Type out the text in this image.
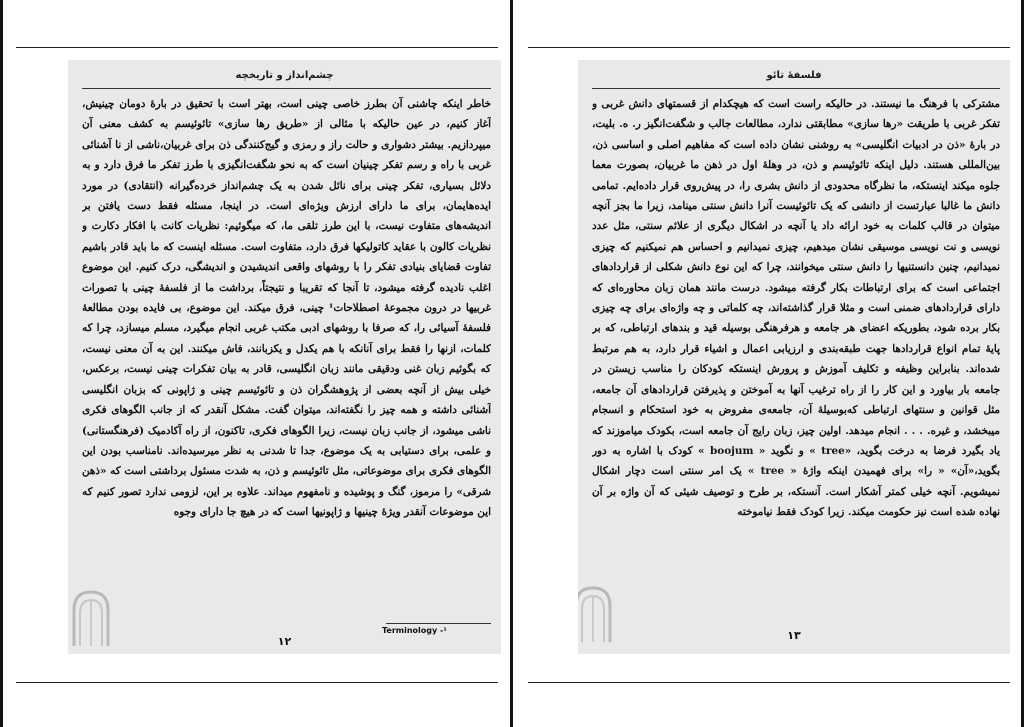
چشم‌انداز و تاریخچه
خاطر اینکه چاشنی آن بطرز خاصی چینی است، بهتر است با تحقیق در بارهٔ دومان چینیش، آغاز کنیم، در عین حالیکه با مثالی از «طریق رها سازی» تائوئیسم به کشف معنی آن میپردازیم. بیشتر دشواری و حالت راز و رمزی و گیج‌کنندگی ذن برای غربیان،ناشی از نا آشنائی غربی با راه و رسم تفکر چینیان است که به نحو شگفت‌انگیزی با طرز تفکر ما فرق دارد و به دلائل بسیاری، تفکر چینی برای نائل شدن به یک چشم‌انداز خرده‌گیرانه (انتقادی) در مورد ایده‌هایمان، برای ما دارای ارزش ویژه‌ای است. در اینجا، مسئله فقط دست یافتن بر اندیشه‌های متفاوت نیست، با این طرز تلقی ما، که میگوئیم: نظریات کانت با افکار دکارت و نظریات کالون با عقاید کاتولیکها فرق دارد، متفاوت است. مسئله اینست که ما باید قادر باشیم تفاوت قضایای بنیادی تفکر را با روشهای واقعی اندیشیدن و اندیشگی، درک کنیم. این موضوع اغلب نادیده گرفته میشود، تا آنجا که تقریبا و نتیجتاً، برداشت ما از فلسفهٔ چینی با تصورات غربیها در درون مجموعهٔ اصطلاحات¹ چینی، فرق میکند. این موضوع، بی فایده بودن مطالعهٔ فلسفهٔ آسیائی را، که صرفا با روشهای ادبی مکتب غربی انجام میگیرد، مسلم میسازد، چرا که کلمات، ازنها را فقط برای آنانکه با هم یکدل و یکزبانند، فاش میکنند. این به آن معنی نیست، که بگوئیم زبان غنی ودقیقی مانند زبان انگلیسی، قادر به بیان تفکرات چینی نیست، برعکس، خیلی بیش از آنچه بعضی از پژوهشگران ذن و تائوئیسم چینی و ژاپونی که بزبان انگلیسی آشنائی داشته و همه چیز را نگفته‌اند، میتوان گفت. مشکل آنقدر که از جانب الگوهای فکری ناشی میشود، از جانب زبان نیست، زیرا الگوهای فکری، تاکنون، از راه آکادمیک (فرهنگستانی) و علمی، برای دستیابی به یک موضوع، جدا تا شدنی به نظر میرسیده‌اند. نامناسب بودن این الگوهای فکری برای موضوعاتی، مثل تائوئیسم و ذن، به شدت مسئول برداشتی است که «ذهن شرقی» را مرموز، گنگ و پوشیده و نامفهوم میداند. علاوه بر این، لزومی ندارد تصور کنیم که این موضوعات آنقدر ویژهٔ چینیها و ژاپونیها است که در هیچ جا دارای وجوه
Terminology -¹
۱۲
فلسفهٔ تائو
مشترکی با فرهنگ ما نیستند. در حالیکه راست است که هیچکدام از قسمتهای دانش غربی و تفکر غربی با طریقت «رها سازی» مطابقتی ندارد، مطالعات جالب و شگفت‌انگیز ر. ه. بلیت، در بارهٔ «ذن در ادبیات انگلیسی» به روشنی نشان داده است که مفاهیم اصلی و اساسی ذن، بین‌المللی هستند. دلیل اینکه تائوئیسم و ذن، در وهلهٔ اول در ذهن ما غربیان، بصورت معما جلوه میکند اینستکه، ما نظرگاه محدودی از دانش بشری را، در پیش‌روی قرار داده‌ایم. تمامی دانش ما غالبا عبارتست از دانشی که یک تائوئیست آنرا دانش سنتی مینامد، زیرا ما بجز آنچه میتوان در قالب کلمات به خود ارائه داد یا آنچه در اشکال دیگری از علائم سنتی، مثل عدد نویسی و نت نویسی موسیقی نشان میدهیم، چیزی نمیدانیم و احساس هم نمیکنیم که چیزی نمیدانیم، چنین دانستنیها را دانش سنتی میخوانند، چرا که این نوع دانش شکلی از قراردادهای اجتماعی است که برای ارتباطات بکار گرفته میشود. درست مانند همان زبان محاوره‌ای که دارای قراردادهای ضمنی است و مثلا قرار گذاشته‌اند، چه کلماتی و چه واژه‌ای برای چه چیزی بکار برده شود، بطوریکه اعضای هر جامعه و هرفرهنگی بوسیله قید و بندهای ارتباطی، که بر پایهٔ تمام انواع قراردادها جهت طبقه‌بندی و ارزیابی اعمال و اشیاء قرار دارد، به هم مرتبط شده‌اند. بنابراین وظیفه و تکلیف آموزش و پرورش اینستکه کودکان را مناسب زیستن در جامعه بار بیاورد و این کار را از راه ترغیب آنها به آموختن و پذیرفتن قراردادهای آن جامعه، مثل قوانین و سنتهای ارتباطی که‌بوسیلهٔ آن، جامعه‌ی مفروض به خود استحکام و انسجام میبخشد، و غیره. . . . انجام میدهد. اولین چیز، زبان رایج آن جامعه است، بکودک میاموزند که یاد بگیرد فرضا به درخت بگوید، «tree » و نگوید « boojum » کودک با اشاره به دور بگوید،«آن» « را» برای فهمیدن اینکه واژهٔ « tree » یک امر سنتی است دچار اشکال نمیشویم. آنچه خیلی کمتر آشکار است. آنستکه، بر طرح و توصیف شیئی که آن واژه بر آن نهاده شده است نیز حکومت میکند. زیرا کودک فقط نیاموخته
۱۳
